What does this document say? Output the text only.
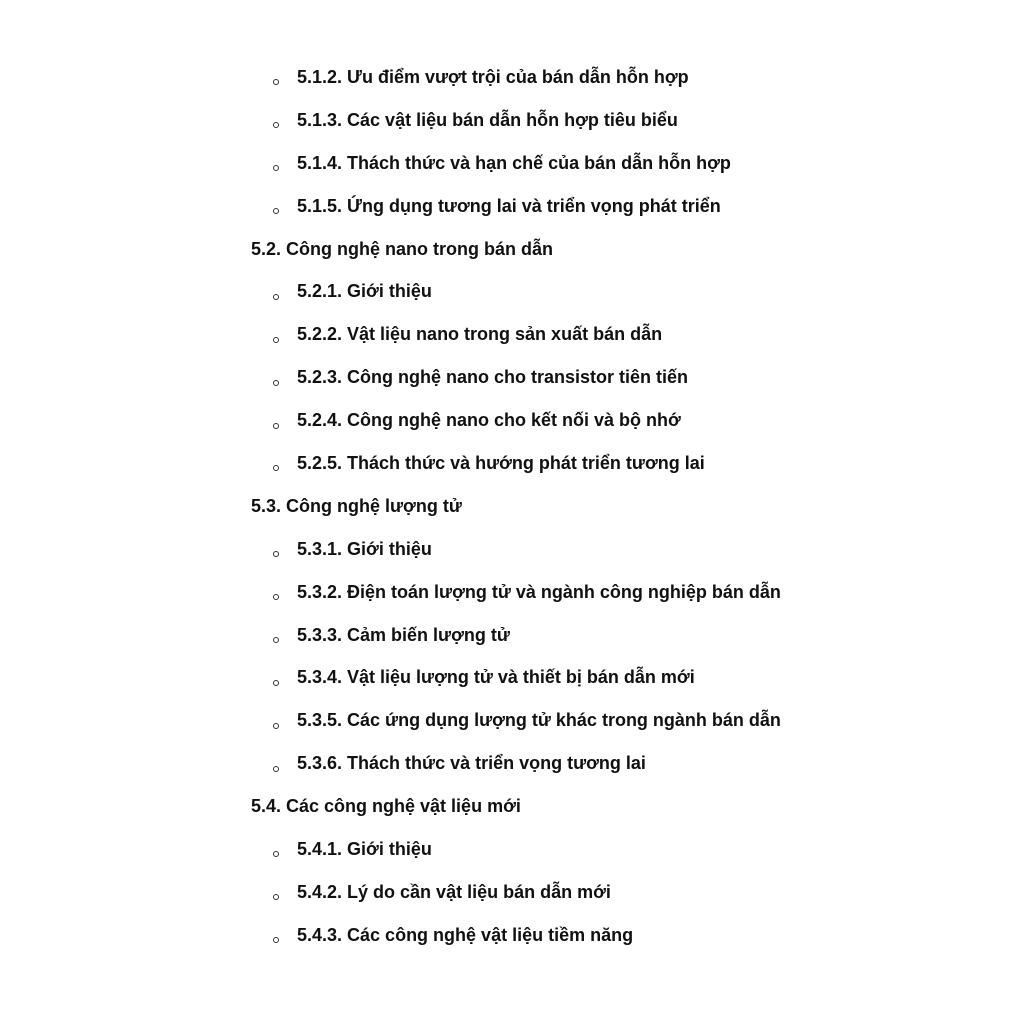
5.1.2. Ưu điểm vượt trội của bán dẫn hỗn hợp
5.1.3. Các vật liệu bán dẫn hỗn hợp tiêu biểu
5.1.4. Thách thức và hạn chế của bán dẫn hỗn hợp
5.1.5. Ứng dụng tương lai và triển vọng phát triển
5.2. Công nghệ nano trong bán dẫn
5.2.1. Giới thiệu
5.2.2. Vật liệu nano trong sản xuất bán dẫn
5.2.3. Công nghệ nano cho transistor tiên tiến
5.2.4. Công nghệ nano cho kết nối và bộ nhớ
5.2.5. Thách thức và hướng phát triển tương lai
5.3. Công nghệ lượng tử
5.3.1. Giới thiệu
5.3.2. Điện toán lượng tử và ngành công nghiệp bán dẫn
5.3.3. Cảm biến lượng tử
5.3.4. Vật liệu lượng tử và thiết bị bán dẫn mới
5.3.5. Các ứng dụng lượng tử khác trong ngành bán dẫn
5.3.6. Thách thức và triển vọng tương lai
5.4. Các công nghệ vật liệu mới
5.4.1. Giới thiệu
5.4.2. Lý do cần vật liệu bán dẫn mới
5.4.3. Các công nghệ vật liệu tiềm năng
